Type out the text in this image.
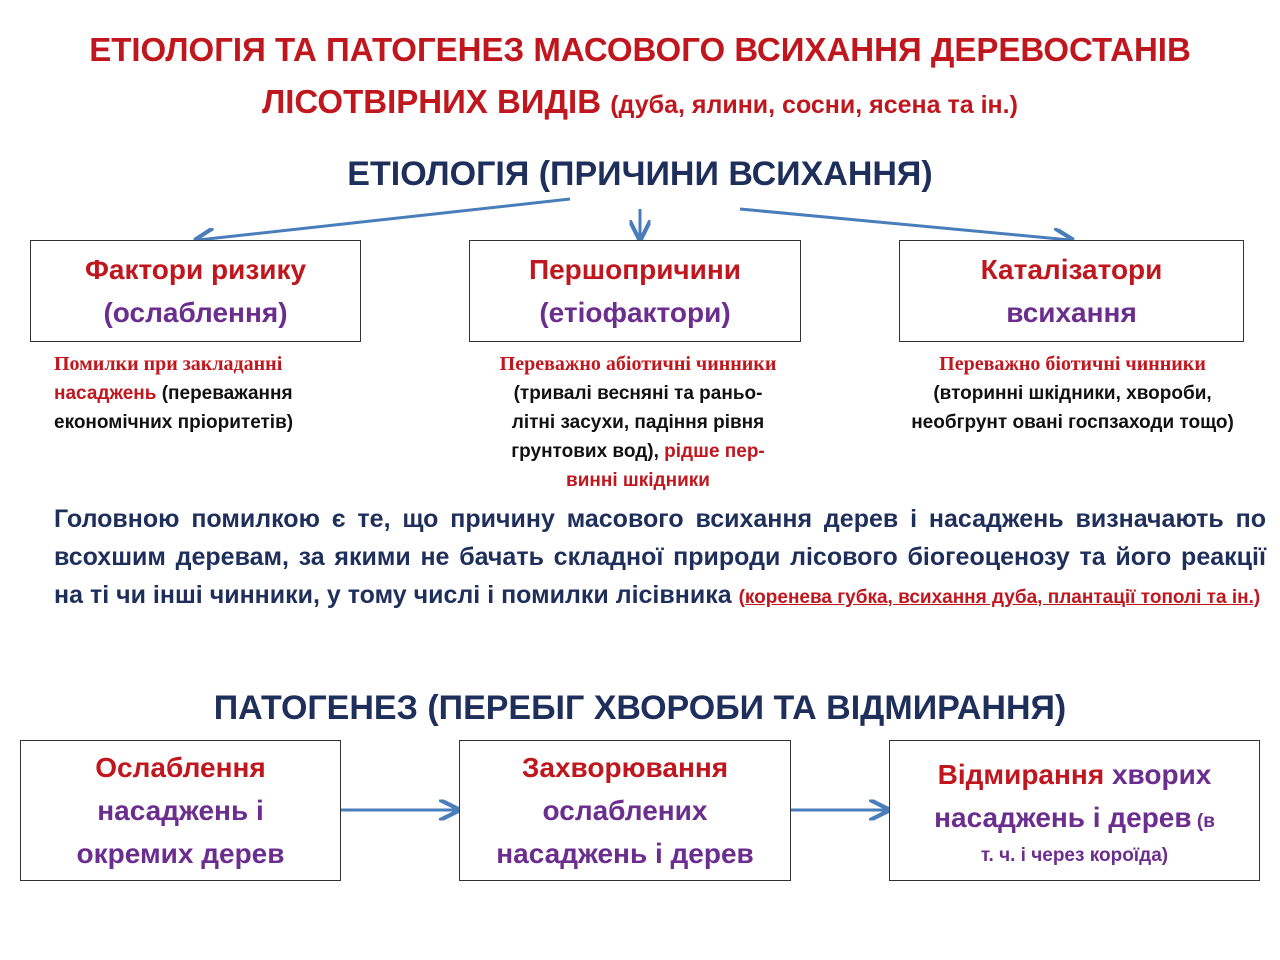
ЕТІОЛОГІЯ ТА ПАТОГЕНЕЗ МАСОВОГО ВСИХАННЯ ДЕРЕВОСТАНІВ
ЛІСОТВІРНИХ ВИДІВ (дуба, ялини, сосни, ясена та ін.)
ЕТІОЛОГІЯ (ПРИЧИНИ ВСИХАННЯ)
Фактори ризику
(ослаблення)
Першопричини
(етіофактори)
Каталізатори
всихання
Помилки при закладанні
насаджень (переважання
економічних пріоритетів)
Переважно абіотичні чинники
(тривалі весняні та раньо-
літні засухи, падіння рівня
грунтових вод), рідше пер-
винні шкідники
Переважно біотичні чинники
(вторинні шкідники, хвороби,
необгрунт овані госпзаходи тощо)
Головною помилкою є те, що причину масового всихання дерев і насаджень визначають по всохшим деревам, за якими не бачать складної природи лісового біогеоценозу та його реакції на ті чи інші чинники, у тому числі і помилки лісівника (коренева губка, всихання дуба, плантації тополі та ін.)
ПАТОГЕНЕЗ (ПЕРЕБІГ ХВОРОБИ ТА ВІДМИРАННЯ)
Ослаблення
насаджень і
окремих дерев
Захворювання
ослаблених
насаджень і дерев
Відмирання хворих
насаджень і дерев (в
т. ч. і через короїда)
